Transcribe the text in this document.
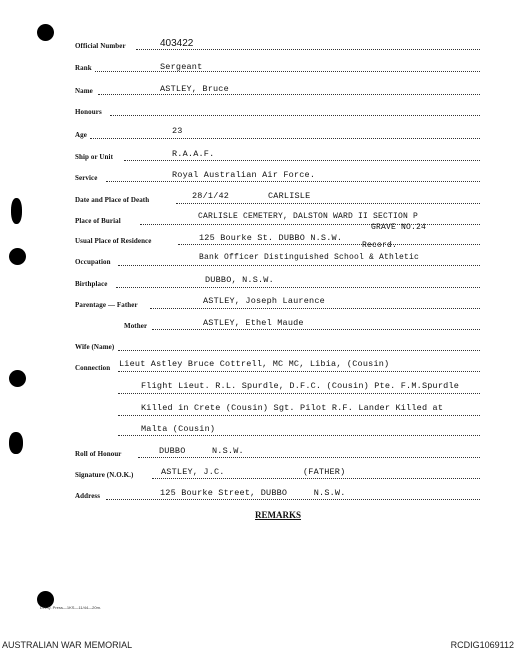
Official Number	403422
Rank	Sergeant
Name	ASTLEY, Bruce
Honours
Age	23
Ship or Unit	R.A.A.F.
Service	Royal Australian Air Force.
Date and Place of Death	28/1/42	CARLISLE
Place of Burial	CARLISLE CEMETERY, DALSTON WARD II SECTION P
GRAVE NO.24
Usual Place of Residence	125 Bourke St. DUBBO N.S.W.
Record.
Occupation	Bank Officer Distinguished School & Athletic
Birthplace	DUBBO, N.S.W.
Parentage — Father	ASTLEY, Joseph Laurence
Mother	ASTLEY, Ethel Maude
Wife (Name)
Connection Lieut Astley Bruce Cottrell, MC MC, Libia, (Cousin)
Flight Lieut. R.L. Spurdle, D.F.C. (Cousin) Pte. F.M.Spurdle
Killed in Crete (Cousin) Sgt. Pilot R.F. Lander Killed at
Malta (Cousin)
Roll of Honour	DUBBO     N.S.W.
Signature (N.O.K.)	ASTLEY, J.C.	(FATHER)
Address	125 Bourke Street, DUBBO     N.S.W.
REMARKS
L.H.Q. Press—1KS—11/44—20m.
AUSTRALIAN WAR MEMORIAL	RCDIG1069112
